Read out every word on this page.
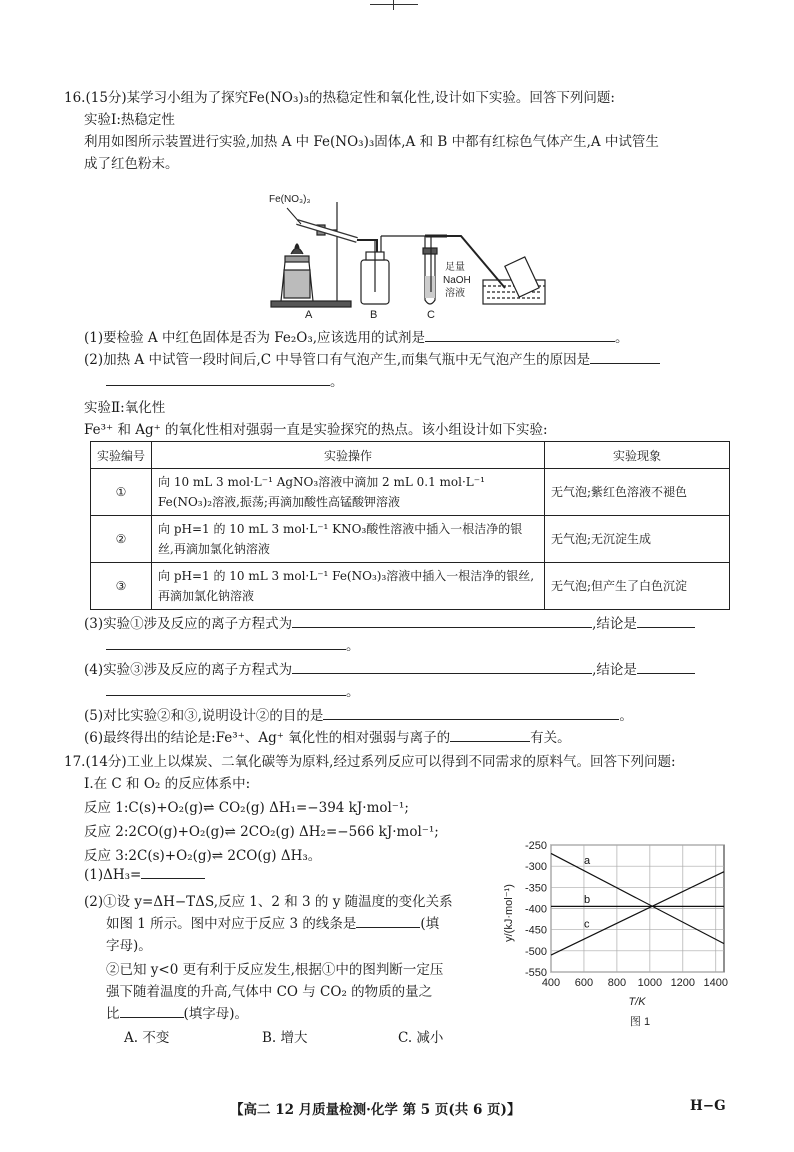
16.(15分)某学习小组为了探究Fe(NO₃)₃的热稳定性和氧化性,设计如下实验。回答下列问题:
实验Ⅰ:热稳定性
利用如图所示装置进行实验,加热 A 中 Fe(NO₃)₃固体,A 和 B 中都有红棕色气体产生,A 中试管生
成了红色粉末。
Fe(NO₃)₃
足量
NaOH
溶液
A	B	C
(1)要检验 A 中红色固体是否为 Fe₂O₃,应该选用的试剂是	。
(2)加热 A 中试管一段时间后,C 中导管口有气泡产生,而集气瓶中无气泡产生的原因是
。
实验Ⅱ:氧化性
Fe³⁺ 和 Ag⁺ 的氧化性相对强弱一直是实验探究的热点。该小组设计如下实验:
实验编号	实验操作	实验现象
①	向 10 mL 3 mol·L⁻¹ AgNO₃溶液中滴加 2 mL 0.1 mol·L⁻¹ Fe(NO₃)₂溶液,振荡;再滴加酸性高锰酸钾溶液	无气泡;紫红色溶液不褪色
②	向 pH=1 的 10 mL 3 mol·L⁻¹ KNO₃酸性溶液中插入一根洁净的银丝,再滴加氯化钠溶液	无气泡;无沉淀生成
③	向 pH=1 的 10 mL 3 mol·L⁻¹ Fe(NO₃)₃溶液中插入一根洁净的银丝,再滴加氯化钠溶液	无气泡;但产生了白色沉淀
(3)实验①涉及反应的离子方程式为	,结论是
。
(4)实验③涉及反应的离子方程式为	,结论是
。
(5)对比实验②和③,说明设计②的目的是	。
(6)最终得出的结论是:Fe³⁺、Ag⁺ 氧化性的相对强弱与离子的	有关。
17.(14分)工业上以煤炭、二氧化碳等为原料,经过系列反应可以得到不同需求的原料气。回答下列问题:
Ⅰ.在 C 和 O₂ 的反应体系中:
反应 1:C(s)+O₂(g)⇌ CO₂(g) ΔH₁=−394 kJ·mol⁻¹;
反应 2:2CO(g)+O₂(g)⇌ 2CO₂(g) ΔH₂=−566 kJ·mol⁻¹;
反应 3:2C(s)+O₂(g)⇌ 2CO(g) ΔH₃。
(1)ΔH₃=
(2)①设 y=ΔH−TΔS,反应 1、2 和 3 的 y 随温度的变化关系
如图 1 所示。图中对应于反应 3 的线条是	(填
字母)。
②已知 y<0 更有利于反应发生,根据①中的图判断一定压
强下随着温度的升高,气体中 CO 与 CO₂ 的物质的量之
比	(填字母)。
A. 不变	B. 增大	C. 减小
-250
-300
-350
-400
-450
-500
-550
400 600 800 1000 1200 1400
a
b
c
y/(kJ·mol⁻¹)
T/K
图 1
【高二 12 月质量检测·化学 第 5 页(共 6 页)】	H−G
